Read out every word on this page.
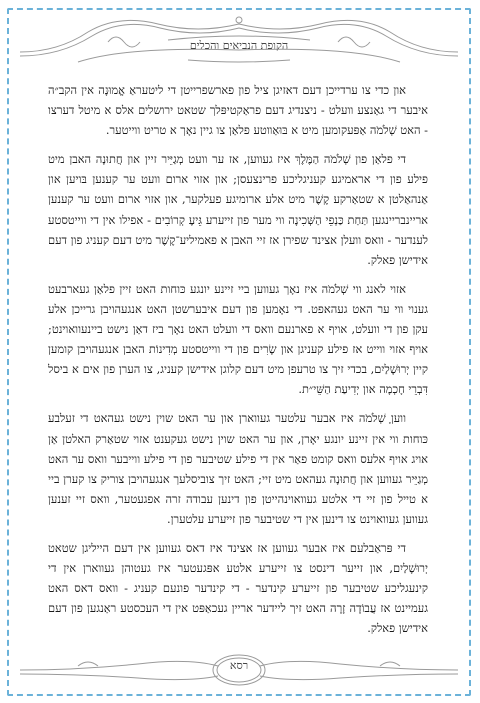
הקופת הנביאים והכלים

און כדי צו ערדייכן דעם דאזיגן ציל פון פארשפרייטן די ליטעראַ אֱמוּנָה אין הקב״ה איבער די גאַנצע וועלט - ניצנדיג דעם פראַקטיפּלך שטאט ירושלים אלס א מיטל דערצו - האט שְׁלֹמֹה אַפּעקומען מיט א בּוּאַװטע פלאַן צו גיין נאָך א טריט ווייטער.

די פלאַן פון שְׁלֹמֹה הַמֶּלֶךְ איז געווען, אז ער וועט מְגַיֵּיר זיין און חֲתוּנָה האבן מיט פילע פון די אראמיגע קעניגליכע פרינצעסן; און אזוי ארום וועט ער קענען בּויען און אַנהאַלטן א שטאַרקע קֶשֶׁר מיט אלע ארומיגע פעלקער, און אזוי ארום וועט ער קענען אריינבריינגען תַּחַת כַּנְפֵי הַשְּׁכִינָה ווי מער פון זייערע גֵּיעֶ קְרוֹבִים - אפילו אין די ווייטסטע לענדער - וואס וועלן אצינד שפירן אז זיי האבן א פאמיליע־קֶשֶׁר מיט דעם קעניג פון דעם אידישן פאלק.

אזוי לאנג ווי שְׁלֹמֹה איז נאָך געווען ביי זיינע יונגע כּוחות האט זיין פלאַן געארבעט גענוי ווי ער האט געהאפט. די נאָמען פון דעם איבערשטן האט אנגעהויבן גרייכן אלע עקן פון די וועלט, אויף א פארנעם וואס די וועלט האט נאָך ביז דאַן נישט ביינעוואוינט; אויף אזוי ווייט אז פילע קעניגן און שָׂרִים פון די ווייטסטע מְדִינוֹת האבן אנגעהויבן קומען קיין יְרוּשָׁלַיִם, בכדי זיך צו טרעפן מיט דעם קלוגן אידישן קעניג, צו הערן פון אים א ביסל דִּבְרֵי חָכְמָה און יְדִיעַת הַשֵּׁי״ת.

וועןָ שְׁלֹמֹה איז אבער עלטער געווארן און ער האט שוין נישט געהאט די זעלבע כּוחות ווי אין זיינע יונגע יאָרן, און ער האט שוין נישט געקענט אזוי שטאַרק האלטן אַן אויג אויף אלעס וואס קומט פאַר אין די פילע שטיבער פון די פילע ווייבער וואס ער האט מְגַיֵּיר געווען און חֲתוּנָה געהאט מיט זיי; האט זיך צוביסלעך אנגעהויבן צוריק צו קערן ביי א טייל פון זיי די אלטע געוואוינהייטן פון דינען עבודה זרה אפגעטער, וואס זיי זענען געווען געוואוינט צו דינען אין די שטיבער פון זייערע עלטערן.

די פּראַבלעם איז אבער געווען אז אצינד איז דאס געווען אין דעם הייליגן שטאט יְרוּשָׁלַיִם, און זייער דינסט צו זייערע אלטע אפּגעטער איז געטוהן געווארן אין די קינעגליכע שטיבער פון זייערע קינדער - די קינדער פונעם קעניג - וואס דאס האט געמיינט אז עֲבוֹדָה זָרָה האט זיך ליידער אריין געכאַפּט אין די העכסטע ראַנגען פון דעם אידישן פאלק.

רסא
